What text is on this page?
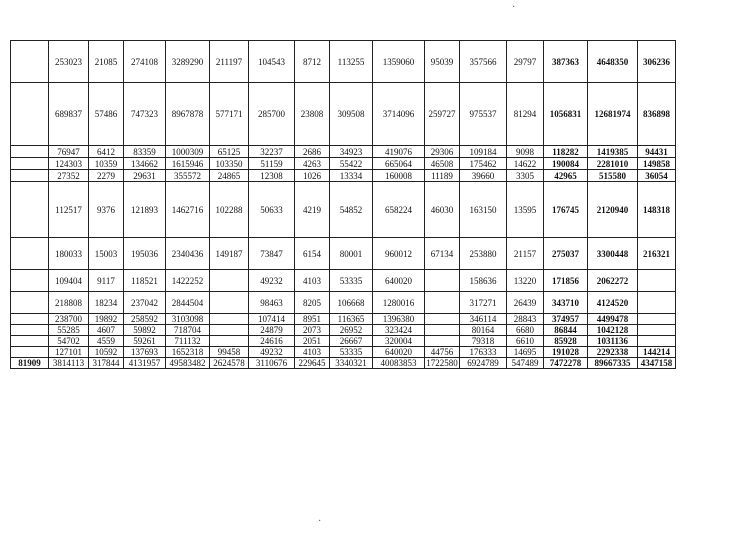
·
·
	253023	21085	274108	3289290	211197	104543	8712	113255	1359060	95039	357566	29797	387363	4648350	306236
	689837	57486	747323	8967878	577171	285700	23808	309508	3714096	259727	975537	81294	1056831	12681974	836898
	76947	6412	83359	1000309	65125	32237	2686	34923	419076	29306	109184	9098	118282	1419385	94431
	124303	10359	134662	1615946	103350	51159	4263	55422	665064	46508	175462	14622	190084	2281010	149858
	27352	2279	29631	355572	24865	12308	1026	13334	160008	11189	39660	3305	42965	515580	36054
	112517	9376	121893	1462716	102288	50633	4219	54852	658224	46030	163150	13595	176745	2120940	148318
	180033	15003	195036	2340436	149187	73847	6154	80001	960012	67134	253880	21157	275037	3300448	216321
	109404	9117	118521	1422252		49232	4103	53335	640020		158636	13220	171856	2062272	
	218808	18234	237042	2844504		98463	8205	106668	1280016		317271	26439	343710	4124520	
	238700	19892	258592	3103098		107414	8951	116365	1396380		346114	28843	374957	4499478	
	55285	4607	59892	718704		24879	2073	26952	323424		80164	6680	86844	1042128	
	54702	4559	59261	711132		24616	2051	26667	320004		79318	6610	85928	1031136	
	127101	10592	137693	1652318	99458	49232	4103	53335	640020	44756	176333	14695	191028	2292338	144214
81909	3814113	317844	4131957	49583482	2624578	3110676	229645	3340321	40083853	1722580	6924789	547489	7472278	89667335	4347158
